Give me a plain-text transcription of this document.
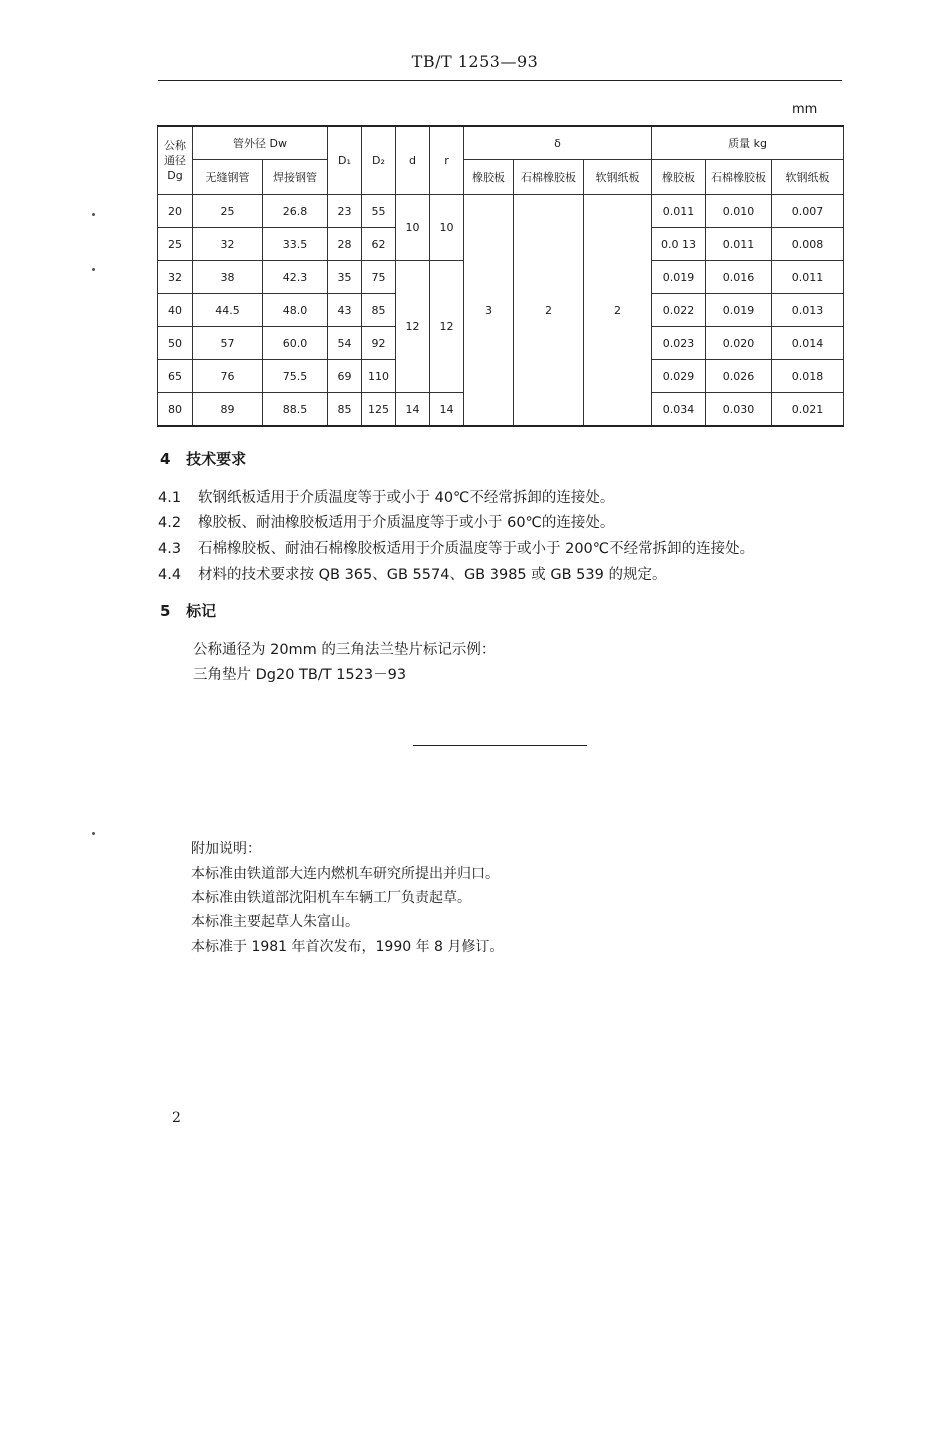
TB/T 1253—93
mm
公称通径Dg	管外径 Dw		D₁	D₂	d	r	δ			质量 kg		
	无缝钢管	焊接钢管					橡胶板	石棉橡胶板	软钢纸板	橡胶板	石棉橡胶板	软钢纸板
20	25	26.8	23	55	10	10	3	2	2	0.011	0.010	0.007
25	32	33.5	28	62						0.0 13	0.011	0.008
32	38	42.3	35	75	12	12				0.019	0.016	0.011
40	44.5	48.0	43	85						0.022	0.019	0.013
50	57	60.0	54	92						0.023	0.020	0.014
65	76	75.5	69	110						0.029	0.026	0.018
80	89	88.5	85	125	14	14				0.034	0.030	0.021
4 技术要求
4.1 软钢纸板适用于介质温度等于或小于 40℃不经常拆卸的连接处。
4.2 橡胶板、耐油橡胶板适用于介质温度等于或小于 60℃的连接处。
4.3 石棉橡胶板、耐油石棉橡胶板适用于介质温度等于或小于 200℃不经常拆卸的连接处。
4.4 材料的技术要求按 QB 365、GB 5574、GB 3985 或 GB 539 的规定。
5 标记
公称通径为 20mm 的三角法兰垫片标记示例：
三角垫片 Dg20 TB/T 1523－93
附加说明：
本标准由铁道部大连内燃机车研究所提出并归口。
本标准由铁道部沈阳机车车辆工厂负责起草。
本标准主要起草人朱富山。
本标准于 1981 年首次发布，1990 年 8 月修订。
2
